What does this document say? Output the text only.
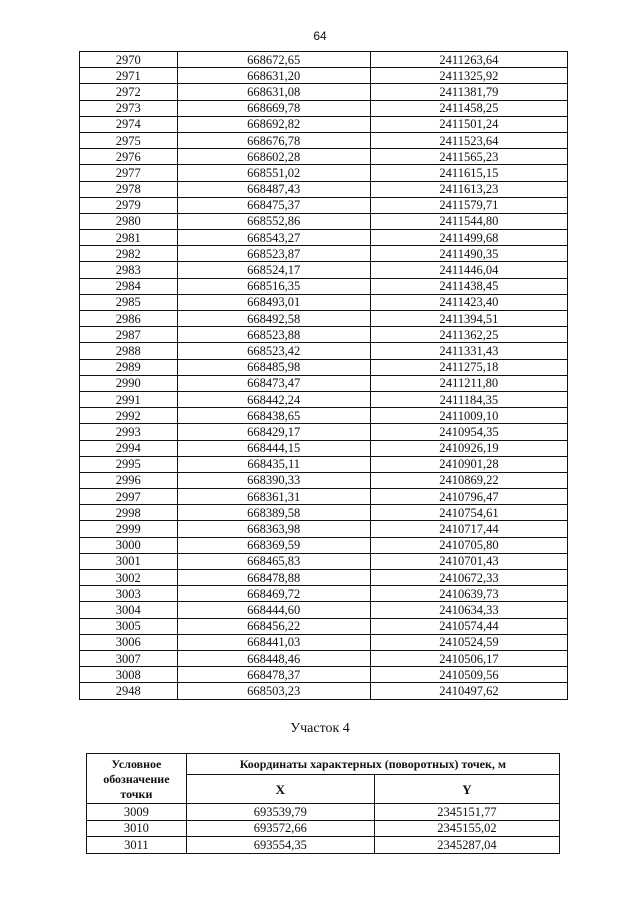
64
2970	668672,65	2411263,64
2971	668631,20	2411325,92
2972	668631,08	2411381,79
2973	668669,78	2411458,25
2974	668692,82	2411501,24
2975	668676,78	2411523,64
2976	668602,28	2411565,23
2977	668551,02	2411615,15
2978	668487,43	2411613,23
2979	668475,37	2411579,71
2980	668552,86	2411544,80
2981	668543,27	2411499,68
2982	668523,87	2411490,35
2983	668524,17	2411446,04
2984	668516,35	2411438,45
2985	668493,01	2411423,40
2986	668492,58	2411394,51
2987	668523,88	2411362,25
2988	668523,42	2411331,43
2989	668485,98	2411275,18
2990	668473,47	2411211,80
2991	668442,24	2411184,35
2992	668438,65	2411009,10
2993	668429,17	2410954,35
2994	668444,15	2410926,19
2995	668435,11	2410901,28
2996	668390,33	2410869,22
2997	668361,31	2410796,47
2998	668389,58	2410754,61
2999	668363,98	2410717,44
3000	668369,59	2410705,80
3001	668465,83	2410701,43
3002	668478,88	2410672,33
3003	668469,72	2410639,73
3004	668444,60	2410634,33
3005	668456,22	2410574,44
3006	668441,03	2410524,59
3007	668448,46	2410506,17
3008	668478,37	2410509,56
2948	668503,23	2410497,62
Участок 4
Условное обозначение точки	Координаты характерных (поворотных) точек, м	
	X	Y
3009	693539,79	2345151,77
3010	693572,66	2345155,02
3011	693554,35	2345287,04
